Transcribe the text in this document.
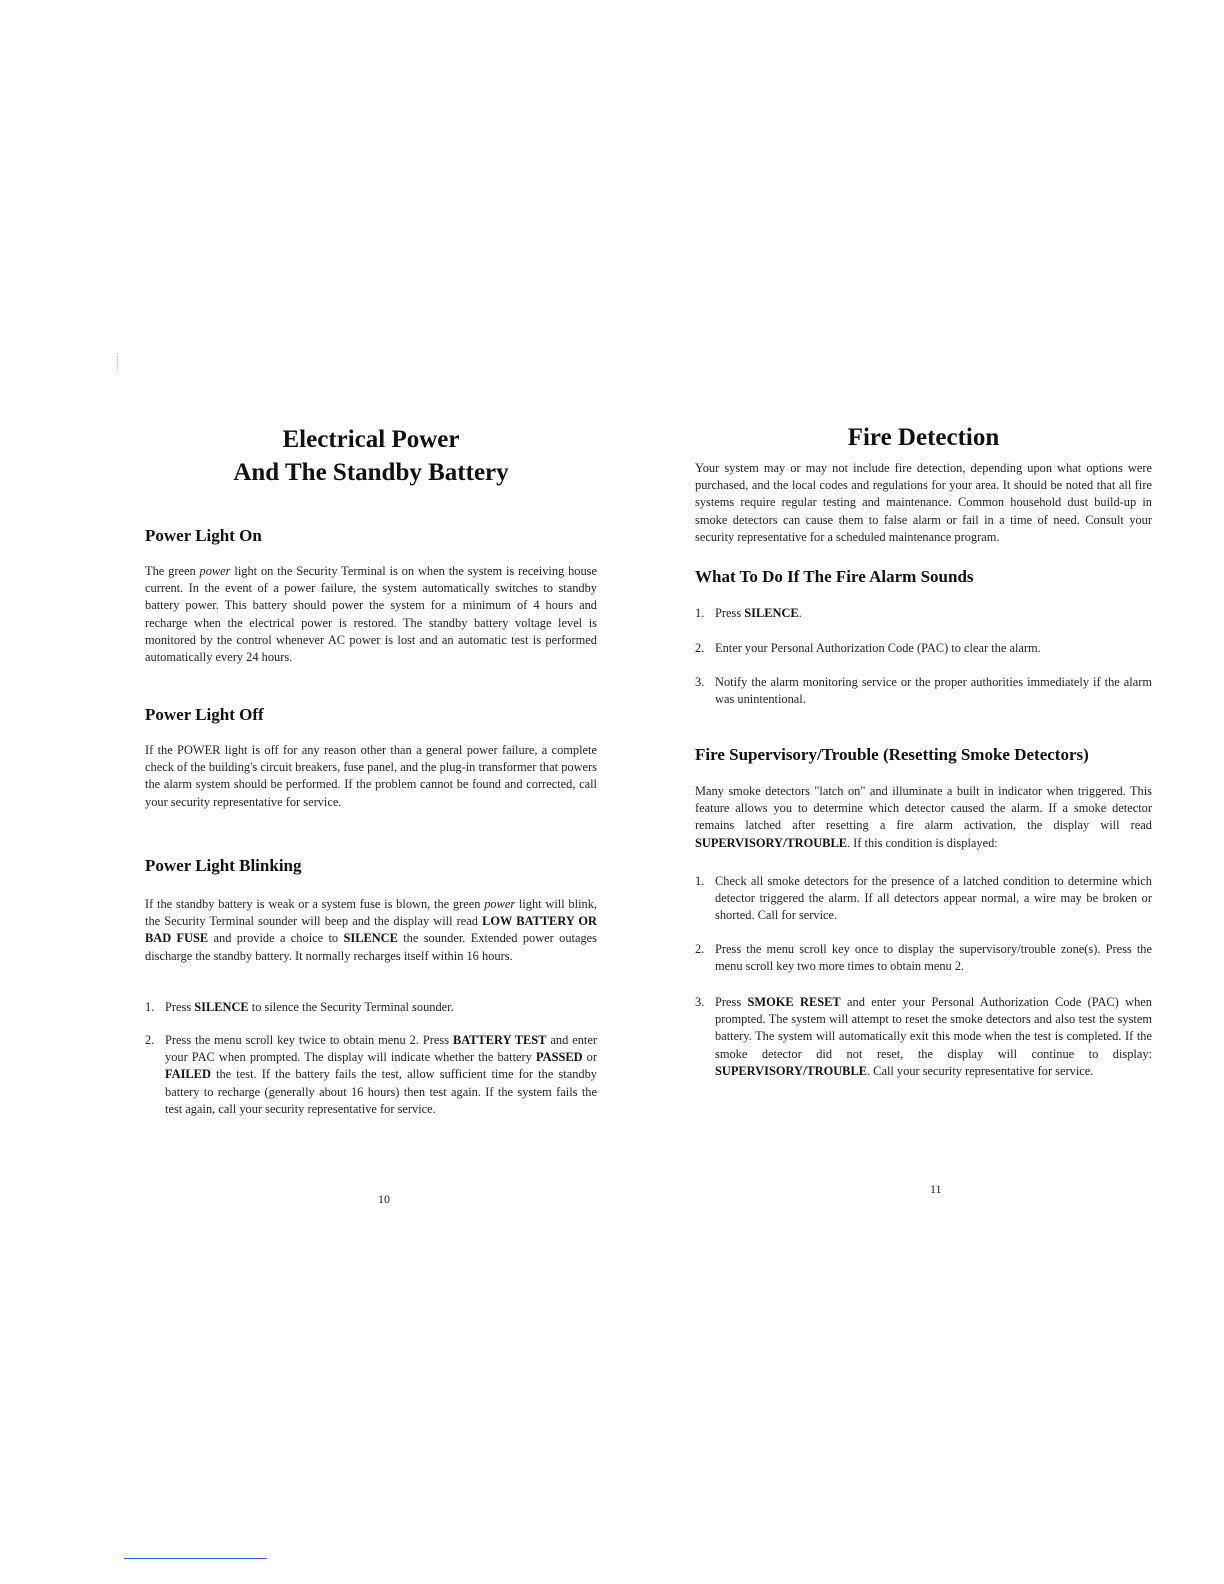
Electrical Power
And The Standby Battery
Power Light On

The green power light on the Security Terminal is on when the system is receiving house current. In the event of a power failure, the system automatically switches to standby battery power. This battery should power the system for a minimum of 4 hours and recharge when the electrical power is restored. The standby battery voltage level is monitored by the control whenever AC power is lost and an automatic test is performed automatically every 24 hours.

Power Light Off

If the POWER light is off for any reason other than a general power failure, a complete check of the building's circuit breakers, fuse panel, and the plug-in transformer that powers the alarm system should be performed. If the problem cannot be found and corrected, call your security representative for service.

Power Light Blinking

If the standby battery is weak or a system fuse is blown, the green power light will blink, the Security Terminal sounder will beep and the display will read LOW BATTERY OR BAD FUSE and provide a choice to SILENCE the sounder. Extended power outages discharge the standby battery. It normally recharges itself within 16 hours.

1. Press SILENCE to silence the Security Terminal sounder.
2. Press the menu scroll key twice to obtain menu 2. Press BATTERY TEST and enter your PAC when prompted. The display will indicate whether the battery PASSED or FAILED the test. If the battery fails the test, allow sufficient time for the standby battery to recharge (generally about 16 hours) then test again. If the system fails the test again, call your security representative for service.
10
Fire Detection

Your system may or may not include fire detection, depending upon what options were purchased, and the local codes and regulations for your area. It should be noted that all fire systems require regular testing and maintenance. Common household dust build-up in smoke detectors can cause them to false alarm or fail in a time of need. Consult your security representative for a scheduled maintenance program.

What To Do If The Fire Alarm Sounds
1. Press SILENCE.
2. Enter your Personal Authorization Code (PAC) to clear the alarm.
3. Notify the alarm monitoring service or the proper authorities immediately if the alarm was unintentional.
Fire Supervisory/Trouble (Resetting Smoke Detectors)

Many smoke detectors "latch on" and illuminate a built in indicator when triggered. This feature allows you to determine which detector caused the alarm. If a smoke detector remains latched after resetting a fire alarm activation, the display will read SUPERVISORY/TROUBLE. If this condition is displayed:

1. Check all smoke detectors for the presence of a latched condition to determine which detector triggered the alarm. If all detectors appear normal, a wire may be broken or shorted. Call for service.
2. Press the menu scroll key once to display the supervisory/trouble zone(s). Press the menu scroll key two more times to obtain menu 2.
3. Press SMOKE RESET and enter your Personal Authorization Code (PAC) when prompted. The system will attempt to reset the smoke detectors and also test the system battery. The system will automatically exit this mode when the test is completed. If the smoke detector did not reset, the display will continue to display: SUPERVISORY/TROUBLE. Call your security representative for service.
11
